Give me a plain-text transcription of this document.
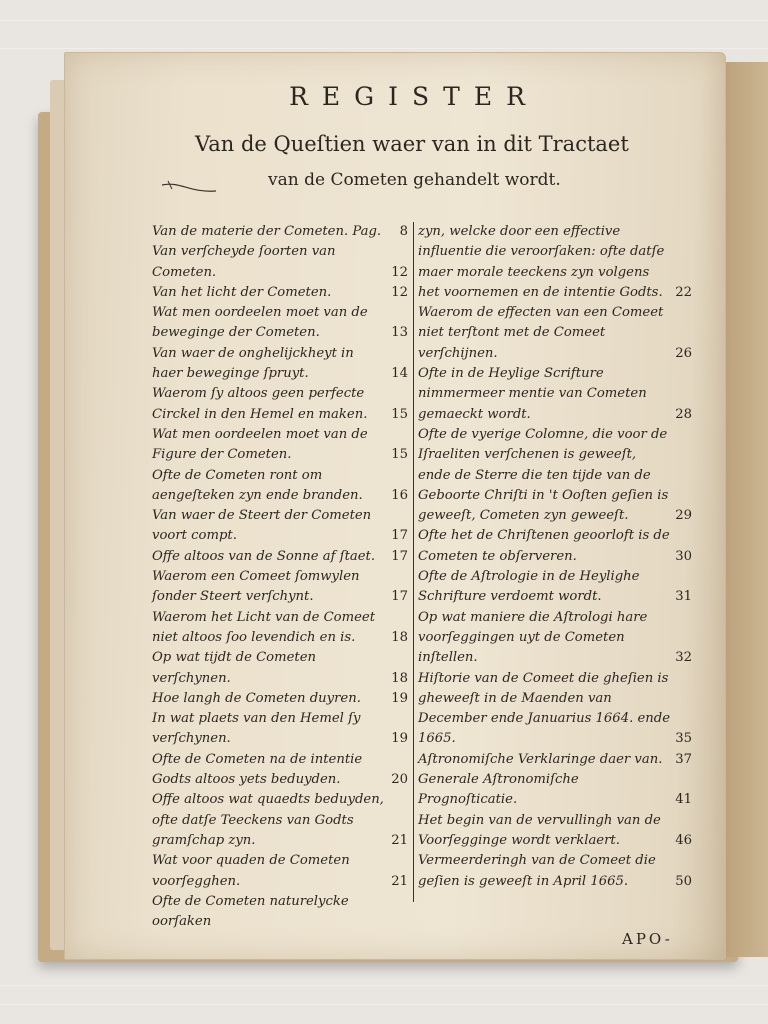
REGISTER
Van de Queſtien waer van in dit Tractaet
van de Cometen gehandelt wordt.
Van de materie der Cometen. Pag.	8
Van verſcheyde ſoorten van Cometen.	12
Van het licht der Cometen.	12
Wat men oordeelen moet van de beweginge der Cometen.	13
Van waer de onghelijckheyt in haer beweginge ſpruyt.	14
Waerom ſy altoos geen perfecte Circkel in den Hemel en maken.	15
Wat men oordeelen moet van de Figure der Cometen.	15
Ofte de Cometen ront om aengeſteken zyn ende branden.	16
Van waer de Steert der Cometen voort compt.	17
Offe altoos van de Sonne af ſtaet.	17
Waerom een Comeet ſomwylen ſonder Steert verſchynt.	17
Waerom het Licht van de Comeet niet altoos ſoo levendich en is.	18
Op wat tijdt de Cometen verſchynen.	18
Hoe langh de Cometen duyren.	19
In wat plaets van den Hemel ſy verſchynen.	19
Ofte de Cometen na de intentie Godts altoos yets beduyden.	20
Offe altoos wat quaedts beduyden, ofte datſe Teeckens van Godts gramſchap zyn.	21
Wat voor quaden de Cometen voorſegghen.	21
Ofte de Cometen naturelycke oorſaken
zyn, welcke door een effective influentie die veroorſaken: ofte datſe maer morale teeckens zyn volgens het voornemen en de intentie Godts. 22
Waerom de effecten van een Comeet niet terſtont met de Comeet verſchijnen.	26
Ofte in de Heylige Scrifture nimmermeer mentie van Cometen gemaeckt wordt.	28
Ofte de vyerige Colomne, die voor de Iſraeliten verſchenen is geweeſt, ende de Sterre die ten tijde van de Geboorte Chriſti in 't Ooſten geſien is geweeſt, Cometen zyn geweeſt.	29
Ofte het de Chriſtenen geoorloft is de Cometen te obſerveren.	30
Ofte de Aſtrologie in de Heylighe Schrifture verdoemt wordt.	31
Op wat maniere die Aſtrologi hare voorſeggingen uyt de Cometen inſtellen.	32
Hiſtorie van de Comeet die gheſien is gheweeſt in de Maenden van December ende Januarius 1664. ende 1665.	35
Aſtronomiſche Verklaringe daer van. 37
Generale Aſtronomiſche Prognoſticatie.	41
Het begin van de vervullingh van de Voorſegginge wordt verklaert.	46
Vermeerderingh van de Comeet die geſien is geweeſt in April 1665.	50
APO-
